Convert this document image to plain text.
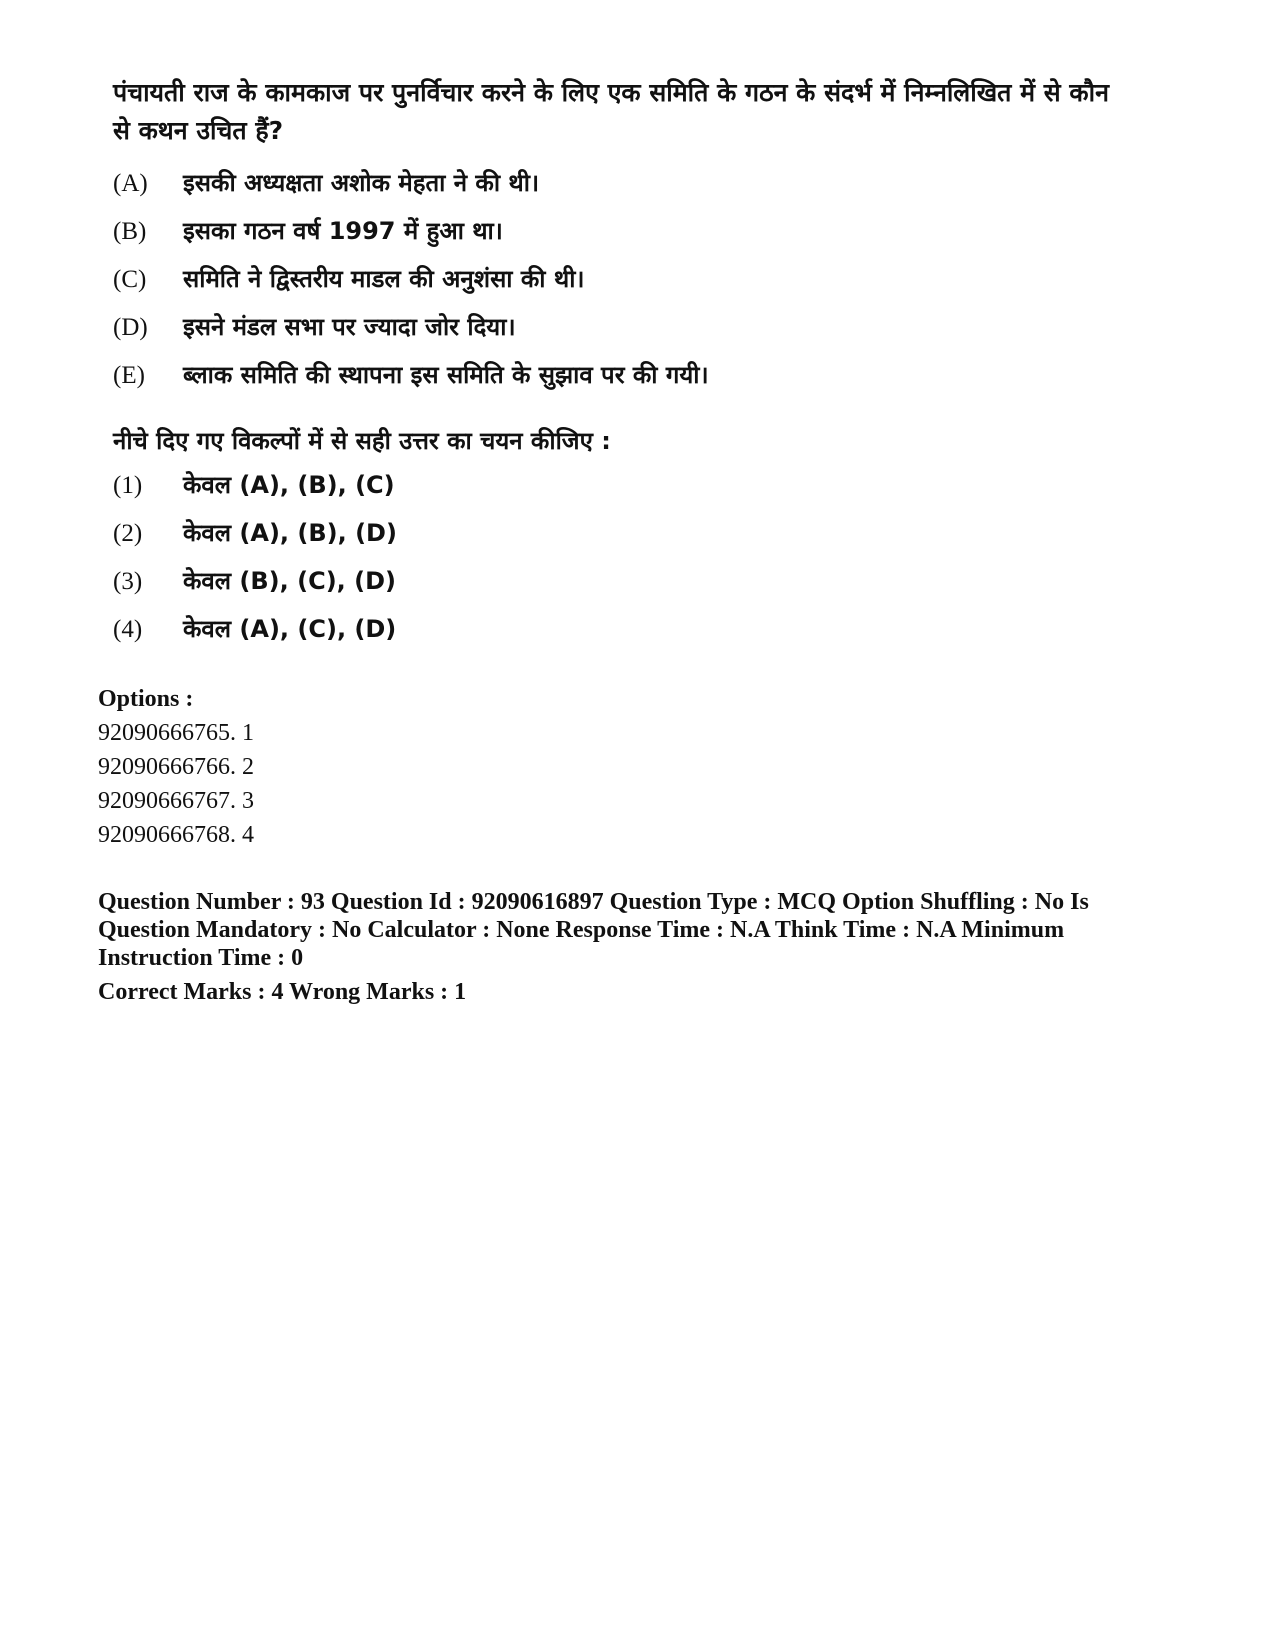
पंचायती राज के कामकाज पर पुनर्विचार करने के लिए एक समिति के गठन के संदर्भ में निम्नलिखित में से कौन से कथन उचित हैं?

(A)	इसकी अध्यक्षता अशोक मेहता ने की थी।
(B)	इसका गठन वर्ष 1997 में हुआ था।
(C)	समिति ने द्विस्तरीय माडल की अनुशंसा की थी।
(D)	इसने मंडल सभा पर ज्यादा जोर दिया।
(E)	ब्लाक समिति की स्थापना इस समिति के सुझाव पर की गयी।
नीचे दिए गए विकल्पों में से सही उत्तर का चयन कीजिए :
(1)	केवल (A), (B), (C)
(2)	केवल (A), (B), (D)
(3)	केवल (B), (C), (D)
(4)	केवल (A), (C), (D)
Options :
92090666765. 1
92090666766. 2
92090666767. 3
92090666768. 4
Question Number : 93 Question Id : 92090616897 Question Type : MCQ Option Shuffling : No Is Question Mandatory : No Calculator : None Response Time : N.A Think Time : N.A Minimum Instruction Time : 0
Correct Marks : 4 Wrong Marks : 1
